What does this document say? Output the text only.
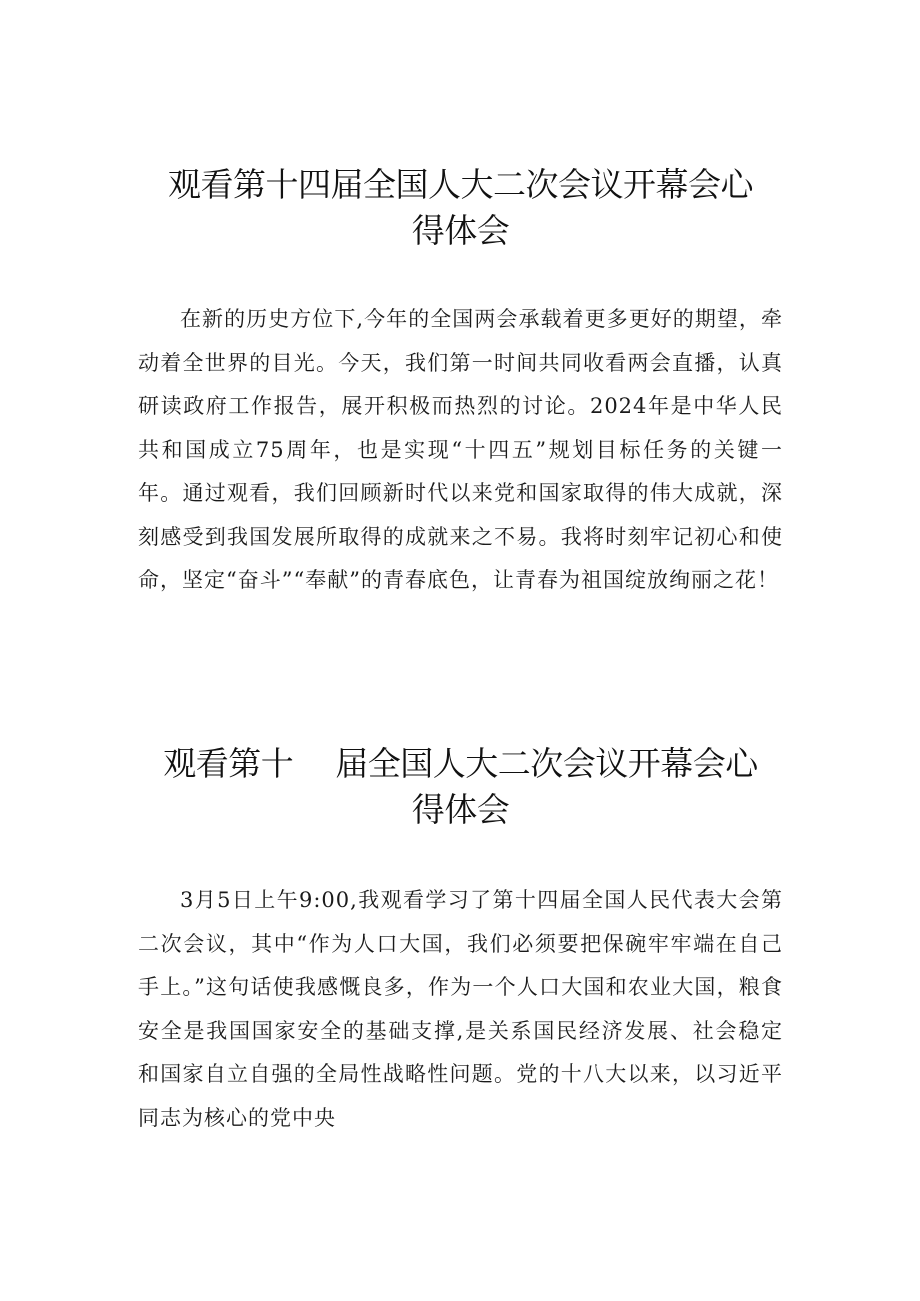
观看第十四届全国人大二次会议开幕会心
得体会

在新的历史方位下,今年的全国两会承载着更多更好的期望，牵动着全世界的目光。今天，我们第一时间共同收看两会直播，认真研读政府工作报告，展开积极而热烈的讨论。2024年是中华人民共和国成立75周年，也是实现“十四五”规划目标任务的关键一年。通过观看，我们回顾新时代以来党和国家取得的伟大成就，深刻感受到我国发展所取得的成就来之不易。我将时刻牢记初心和使命，坚定“奋斗”“奉献”的青春底色，让青春为祖国绽放绚丽之花！

观看第十 届全国人大二次会议开幕会心
得体会

3月5日上午9:00,我观看学习了第十四届全国人民代表大会第二次会议，其中“作为人口大国，我们必须要把保碗牢牢端在自己手上。”这句话使我感慨良多，作为一个人口大国和农业大国，粮食安全是我国国家安全的基础支撑,是关系国民经济发展、社会稳定和国家自立自强的全局性战略性问题。党的十八大以来，以习近平同志为核心的党中央
